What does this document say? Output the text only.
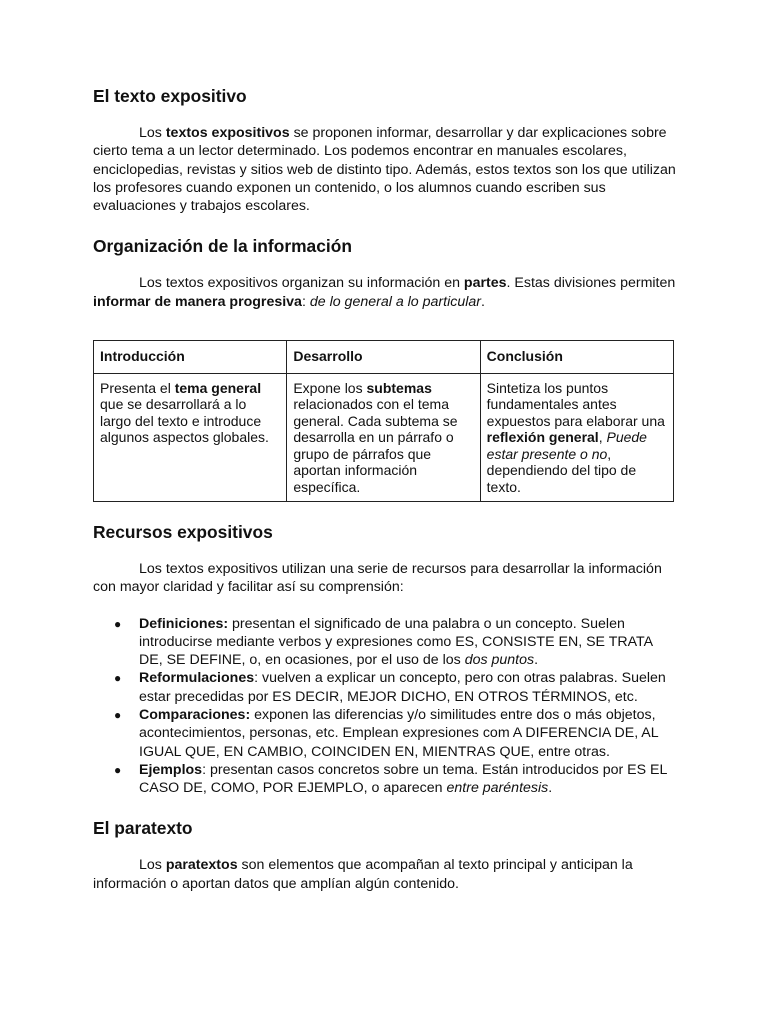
El texto expositivo

Los textos expositivos se proponen informar, desarrollar y dar explicaciones sobre cierto tema a un lector determinado. Los podemos encontrar en manuales escolares, enciclopedias, revistas y sitios web de distinto tipo. Además, estos textos son los que utilizan los profesores cuando exponen un contenido, o los alumnos cuando escriben sus evaluaciones y trabajos escolares.

Organización de la información

Los textos expositivos organizan su información en partes. Estas divisiones permiten informar de manera progresiva: de lo general a lo particular.

Introducción	Desarrollo	Conclusión
Presenta el tema general que se desarrollará a lo largo del texto e introduce algunos aspectos globales.	Expone los subtemas relacionados con el tema general. Cada subtema se desarrolla en un párrafo o grupo de párrafos que aportan información específica.	Sintetiza los puntos fundamentales antes expuestos para elaborar una reflexión general, Puede estar presente o no, dependiendo del tipo de texto.
Recursos expositivos

Los textos expositivos utilizan una serie de recursos para desarrollar la información con mayor claridad y facilitar así su comprensión:

● Definiciones: presentan el significado de una palabra o un concepto. Suelen introducirse mediante verbos y expresiones como ES, CONSISTE EN, SE TRATA DE, SE DEFINE, o, en ocasiones, por el uso de los dos puntos.
● Reformulaciones: vuelven a explicar un concepto, pero con otras palabras. Suelen estar precedidas por ES DECIR, MEJOR DICHO, EN OTROS TÉRMINOS, etc.
● Comparaciones: exponen las diferencias y/o similitudes entre dos o más objetos, acontecimientos, personas, etc. Emplean expresiones com A DIFERENCIA DE, AL IGUAL QUE, EN CAMBIO, COINCIDEN EN, MIENTRAS QUE, entre otras.
● Ejemplos: presentan casos concretos sobre un tema. Están introducidos por ES EL CASO DE, COMO, POR EJEMPLO, o aparecen entre paréntesis.
El paratexto

Los paratextos son elementos que acompañan al texto principal y anticipan la información o aportan datos que amplían algún contenido.
